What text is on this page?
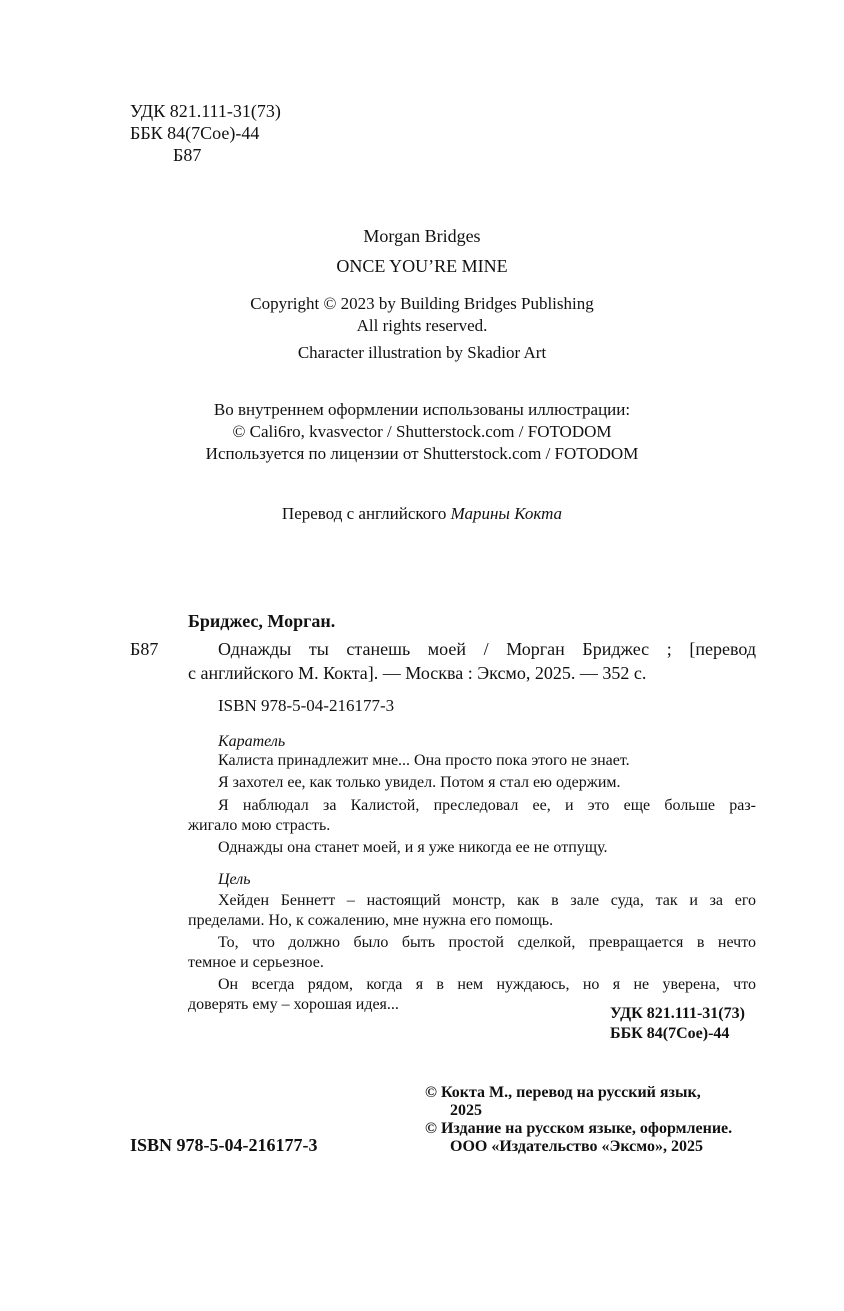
УДК 821.111-31(73)
ББК 84(7Сое)-44
Б87
Morgan Bridges
ONCE YOU’RE MINE
Copyright © 2023 by Building Bridges Publishing
All rights reserved.
Character illustration by Skadior Art
Во внутреннем оформлении использованы иллюстрации:
© Cali6ro, kvasvector / Shutterstock.com / FOTODOM
Используется по лицензии от Shutterstock.com / FOTODOM
Перевод с английского Марины Кокта
Бриджес, Морган.
Б87	Однажды ты станешь моей / Морган Бриджес ; [перевод
с английского М. Кокта]. — Москва : Эксмо, 2025. — 352 с.
ISBN 978-5-04-216177-3
Каратель
Калиста принадлежит мне... Она просто пока этого не знает.
Я захотел ее, как только увидел. Потом я стал ею одержим.
Я наблюдал за Калистой, преследовал ее, и это еще больше раз-
жигало мою страсть.
Однажды она станет моей, и я уже никогда ее не отпущу.
Цель
Хейден Беннетт – настоящий монстр, как в зале суда, так и за его
пределами. Но, к сожалению, мне нужна его помощь.
То, что должно было быть простой сделкой, превращается в нечто
темное и серьезное.
Он всегда рядом, когда я в нем нуждаюсь, но я не уверена, что
доверять ему – хорошая идея...
УДК 821.111-31(73)
ББК 84(7Сое)-44
© Кокта М., перевод на русский язык,
2025
© Издание на русском языке, оформление.
ООО «Издательство «Эксмо», 2025
ISBN 978-5-04-216177-3
